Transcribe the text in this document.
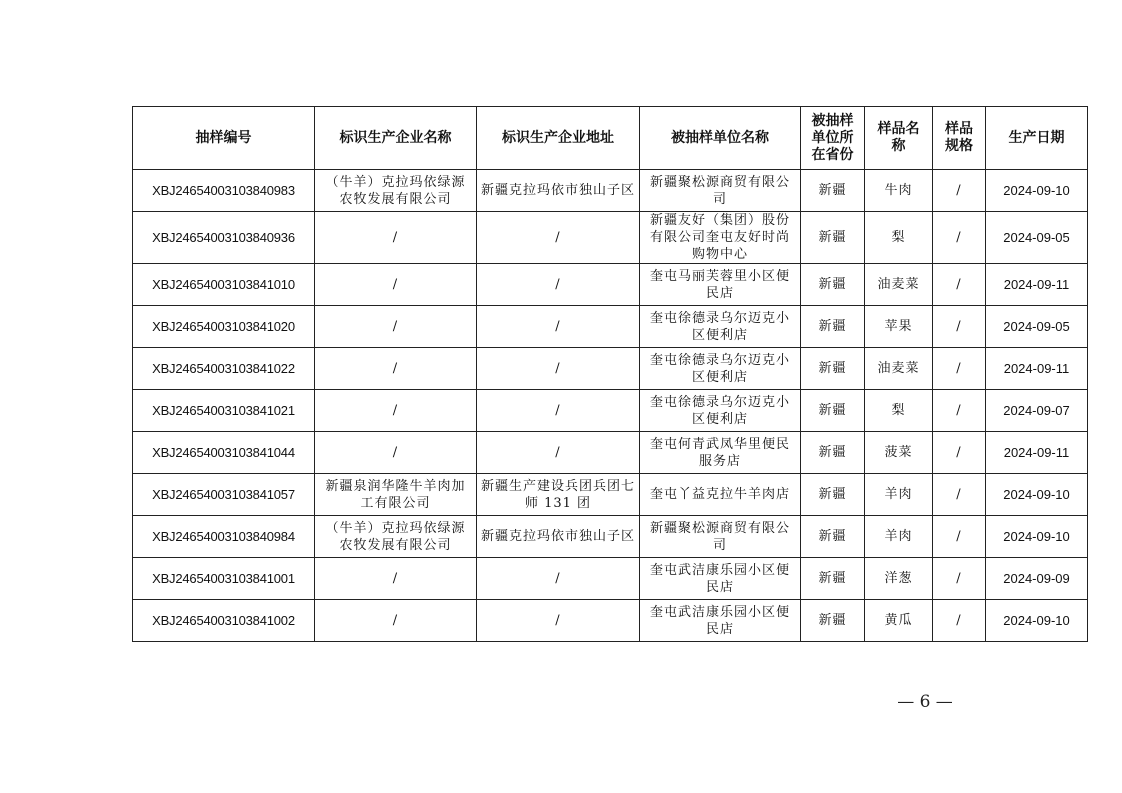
抽样编号	标识生产企业名称	标识生产企业地址	被抽样单位名称	被抽样单位所在省份	样品名称	样品规格	生产日期
XBJ24654003103840983	（牛羊）克拉玛依绿源农牧发展有限公司	新疆克拉玛依市独山子区	新疆聚松源商贸有限公司	新疆	牛肉	/	2024-09-10
XBJ24654003103840936	/	/	新疆友好（集团）股份有限公司奎屯友好时尚购物中心	新疆	梨	/	2024-09-05
XBJ24654003103841010	/	/	奎屯马丽芙蓉里小区便民店	新疆	油麦菜	/	2024-09-11
XBJ24654003103841020	/	/	奎屯徐德录乌尔迈克小区便利店	新疆	苹果	/	2024-09-05
XBJ24654003103841022	/	/	奎屯徐德录乌尔迈克小区便利店	新疆	油麦菜	/	2024-09-11
XBJ24654003103841021	/	/	奎屯徐德录乌尔迈克小区便利店	新疆	梨	/	2024-09-07
XBJ24654003103841044	/	/	奎屯何青武凤华里便民服务店	新疆	菠菜	/	2024-09-11
XBJ24654003103841057	新疆泉润华隆牛羊肉加工有限公司	新疆生产建设兵团兵团七师 131 团	奎屯丫益克拉牛羊肉店	新疆	羊肉	/	2024-09-10
XBJ24654003103840984	（牛羊）克拉玛依绿源农牧发展有限公司	新疆克拉玛依市独山子区	新疆聚松源商贸有限公司	新疆	羊肉	/	2024-09-10
XBJ24654003103841001	/	/	奎屯武洁康乐园小区便民店	新疆	洋葱	/	2024-09-09
XBJ24654003103841002	/	/	奎屯武洁康乐园小区便民店	新疆	黄瓜	/	2024-09-10
— 6 —
